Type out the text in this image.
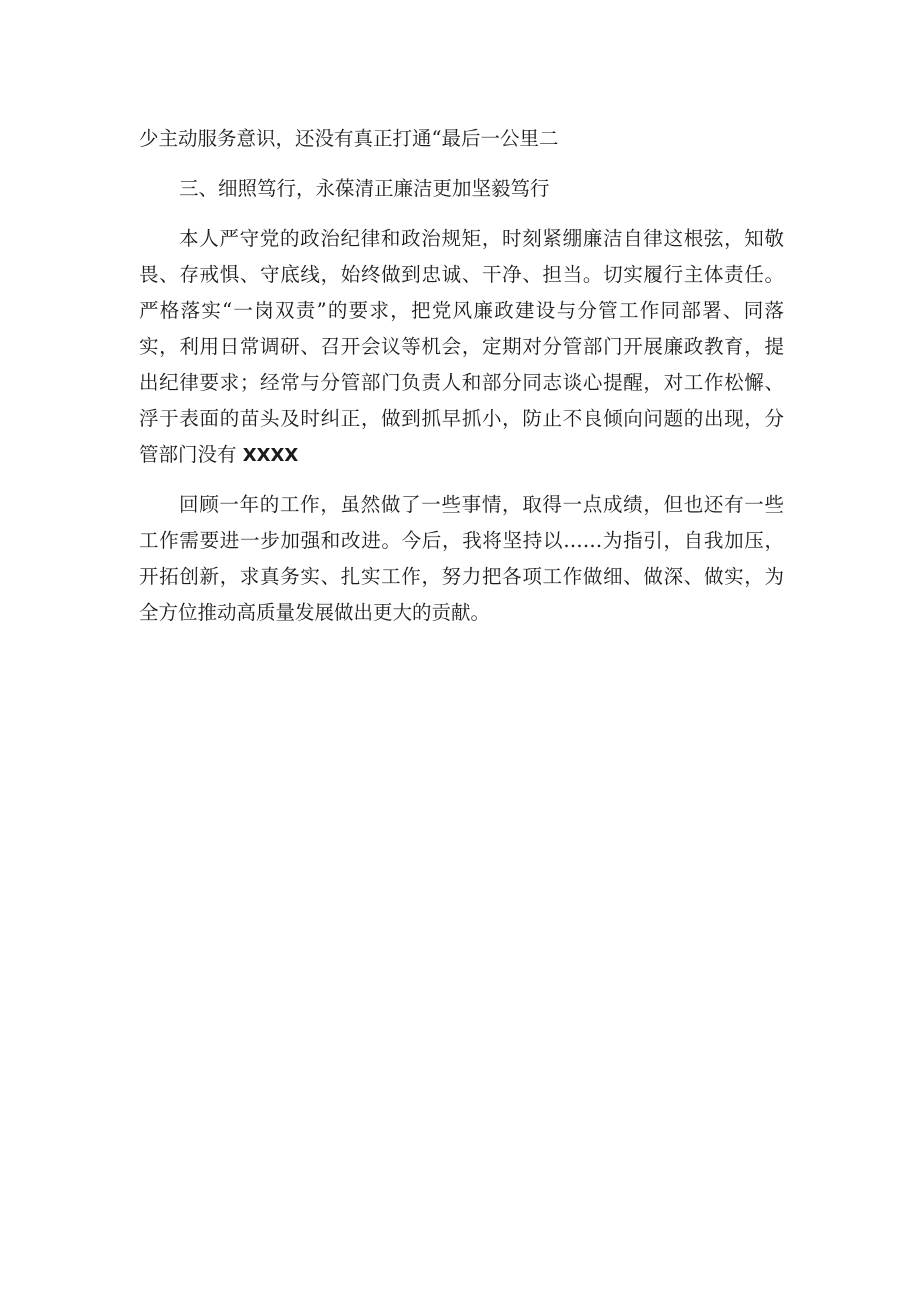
少主动服务意识，还没有真正打通“最后一公里二
三、细照笃行，永葆清正廉洁更加坚毅笃行
本人严守党的政治纪律和政治规矩，时刻紧绷廉洁自律这根弦，知敬
畏、存戒惧、守底线，始终做到忠诚、干净、担当。切实履行主体责任。
严格落实“一岗双责”的要求，把党风廉政建设与分管工作同部署、同落
实，利用日常调研、召开会议等机会，定期对分管部门开展廉政教育，提
出纪律要求；经常与分管部门负责人和部分同志谈心提醒，对工作松懈、
浮于表面的苗头及时纠正，做到抓早抓小，防止不良倾向问题的出现，分
管部门没有 XXXX
回顾一年的工作，虽然做了一些事情，取得一点成绩，但也还有一些
工作需要进一步加强和改进。今后，我将坚持以……为指引，自我加压，
开拓创新，求真务实、扎实工作，努力把各项工作做细、做深、做实，为
全方位推动高质量发展做出更大的贡献。
